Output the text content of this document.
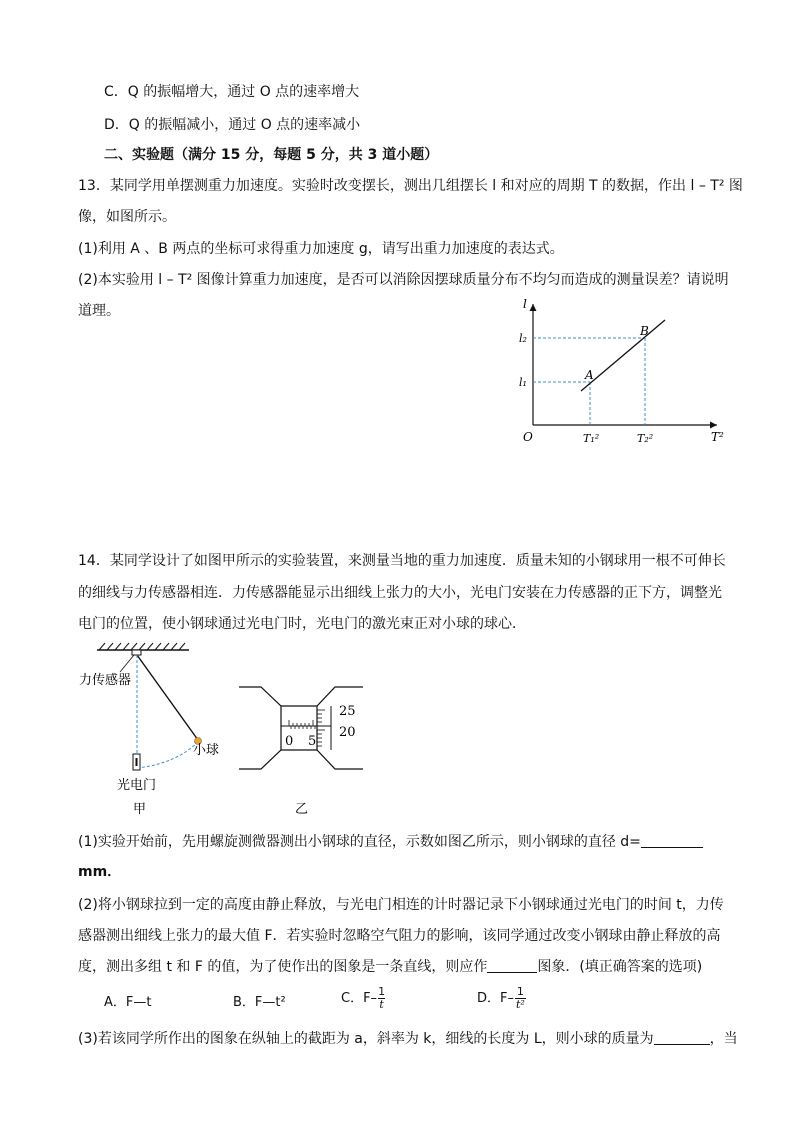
C．Q 的振幅增大，通过 O 点的速率增大
D．Q 的振幅减小，通过 O 点的速率减小
二、实验题（满分 15 分，每题 5 分，共 3 道小题）
13．某同学用单摆测重力加速度。实验时改变摆长，测出几组摆长 l 和对应的周期 T 的数据，作出 l – T² 图
像，如图所示。
(1)利用 A 、B 两点的坐标可求得重力加速度 g，请写出重力加速度的表达式。
(2)本实验用 l – T² 图像计算重力加速度，是否可以消除因摆球质量分布不均匀而造成的测量误差？请说明
道理。	l
T²
O
A
B
l₁
l₂
T₁²	T₂²
14．某同学设计了如图甲所示的实验装置，来测量当地的重力加速度．质量未知的小钢球用一根不可伸长
的细线与力传感器相连．力传感器能显示出细线上张力的大小，光电门安装在力传感器的正下方，调整光
电门的位置，使小钢球通过光电门时，光电门的激光束正对小球的球心．
力传感器
小球
光电门
甲
25
20
0 5
乙
(1)实验开始前，先用螺旋测微器测出小钢球的直径，示数如图乙所示，则小钢球的直径 d=
mm．
(2)将小钢球拉到一定的高度由静止释放，与光电门相连的计时器记录下小钢球通过光电门的时间 t，力传
感器测出细线上张力的最大值 F．若实验时忽略空气阻力的影响，该同学通过改变小钢球由静止释放的高
度，测出多组 t 和 F 的值，为了使作出的图象是一条直线，则应作	图象．(填正确答案的选项)
A．F—t	B．F—t²	C．$F- \frac{1}{t}$	D．$F- \frac{1}{\text{t²}}$
(3)若该同学所作出的图象在纵轴上的截距为 a，斜率为 k，细线的长度为 L，则小球的质量为	，当
